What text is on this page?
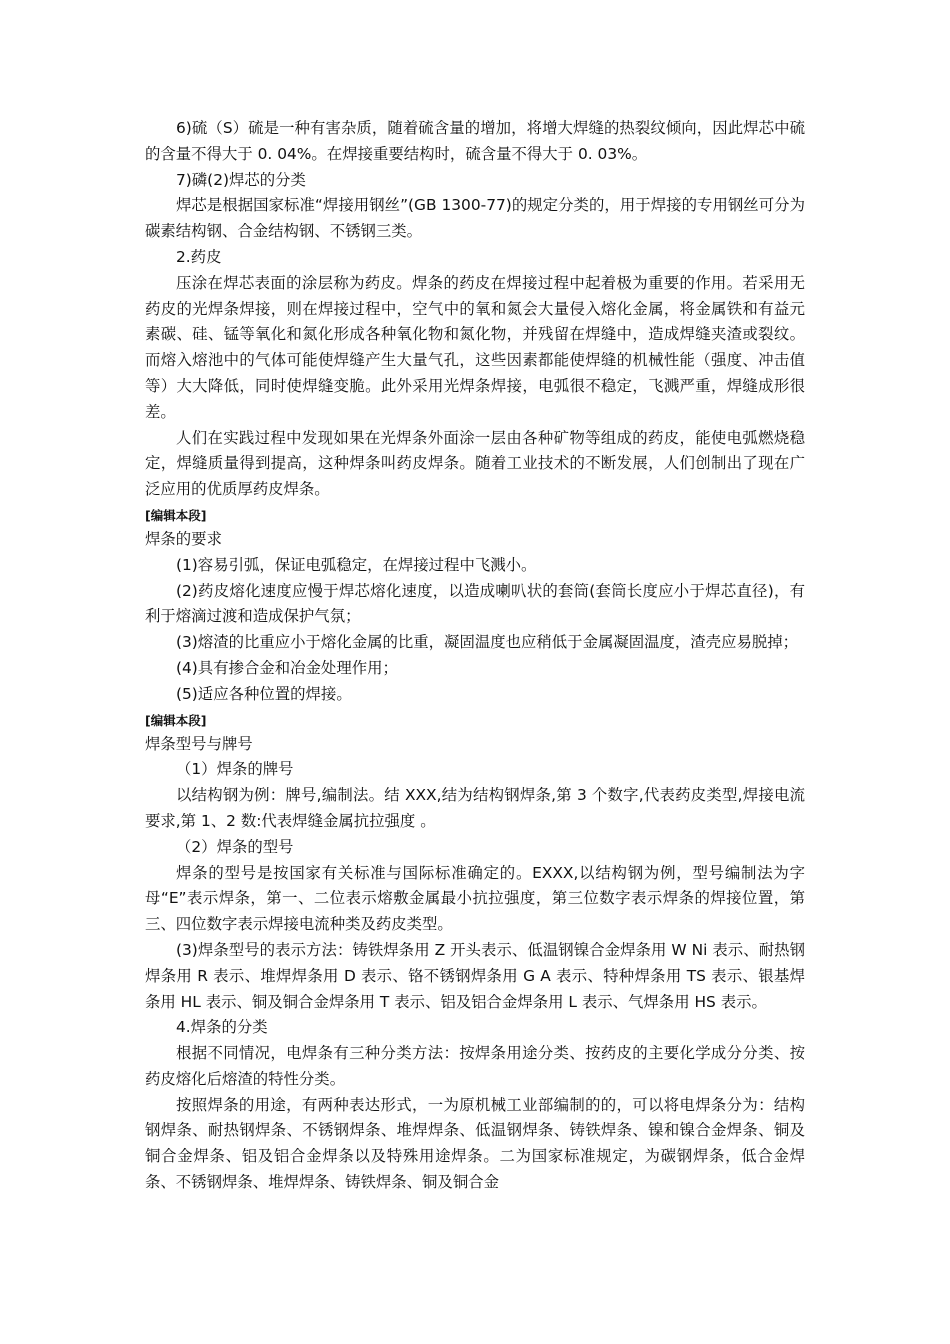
6)硫（S）硫是一种有害杂质，随着硫含量的增加，将增大焊缝的热裂纹倾向，因此焊芯中硫的含量不得大于 0. 04%。在焊接重要结构时，硫含量不得大于 0. 03%。

7)磷(2)焊芯的分类

焊芯是根据国家标准“焊接用钢丝”(GB 1300-77)的规定分类的，用于焊接的专用钢丝可分为碳素结构钢、合金结构钢、不锈钢三类。

2.药皮

压涂在焊芯表面的涂层称为药皮。焊条的药皮在焊接过程中起着极为重要的作用。若采用无药皮的光焊条焊接，则在焊接过程中，空气中的氧和氮会大量侵入熔化金属，将金属铁和有益元素碳、硅、锰等氧化和氮化形成各种氧化物和氮化物，并残留在焊缝中，造成焊缝夹渣或裂纹。而熔入熔池中的气体可能使焊缝产生大量气孔，这些因素都能使焊缝的机械性能（强度、冲击值等）大大降低，同时使焊缝变脆。此外采用光焊条焊接，电弧很不稳定，飞溅严重，焊缝成形很差。

人们在实践过程中发现如果在光焊条外面涂一层由各种矿物等组成的药皮，能使电弧燃烧稳定，焊缝质量得到提高，这种焊条叫药皮焊条。随着工业技术的不断发展，人们创制出了现在广泛应用的优质厚药皮焊条。

[编辑本段]

焊条的要求

(1)容易引弧，保证电弧稳定，在焊接过程中飞溅小。

(2)药皮熔化速度应慢于焊芯熔化速度，以造成喇叭状的套筒(套筒长度应小于焊芯直径)，有利于熔滴过渡和造成保护气氛；

(3)熔渣的比重应小于熔化金属的比重，凝固温度也应稍低于金属凝固温度，渣壳应易脱掉；

(4)具有掺合金和冶金处理作用；

(5)适应各种位置的焊接。

[编辑本段]

焊条型号与牌号

（1）焊条的牌号

以结构钢为例：牌号,编制法。结 XXX,结为结构钢焊条,第 3 个数字,代表药皮类型,焊接电流要求,第 1、2 数:代表焊缝金属抗拉强度 。

（2）焊条的型号

焊条的型号是按国家有关标准与国际标准确定的。EXXX,以结构钢为例，型号编制法为字母“E”表示焊条，第一、二位表示熔敷金属最小抗拉强度，第三位数字表示焊条的焊接位置，第三、四位数字表示焊接电流种类及药皮类型。

(3)焊条型号的表示方法：铸铁焊条用 Z 开头表示、低温钢镍合金焊条用 W Ni 表示、耐热钢焊条用 R 表示、堆焊焊条用 D 表示、铬不锈钢焊条用 G A 表示、特种焊条用 TS 表示、银基焊条用 HL 表示、铜及铜合金焊条用 T 表示、铝及铝合金焊条用 L 表示、气焊条用 HS 表示。

4.焊条的分类

根据不同情况，电焊条有三种分类方法：按焊条用途分类、按药皮的主要化学成分分类、按药皮熔化后熔渣的特性分类。

按照焊条的用途，有两种表达形式，一为原机械工业部编制的的，可以将电焊条分为：结构钢焊条、耐热钢焊条、不锈钢焊条、堆焊焊条、低温钢焊条、铸铁焊条、镍和镍合金焊条、铜及铜合金焊条、铝及铝合金焊条以及特殊用途焊条。二为国家标准规定，为碳钢焊条，低合金焊条、不锈钢焊条、堆焊焊条、铸铁焊条、铜及铜合金
